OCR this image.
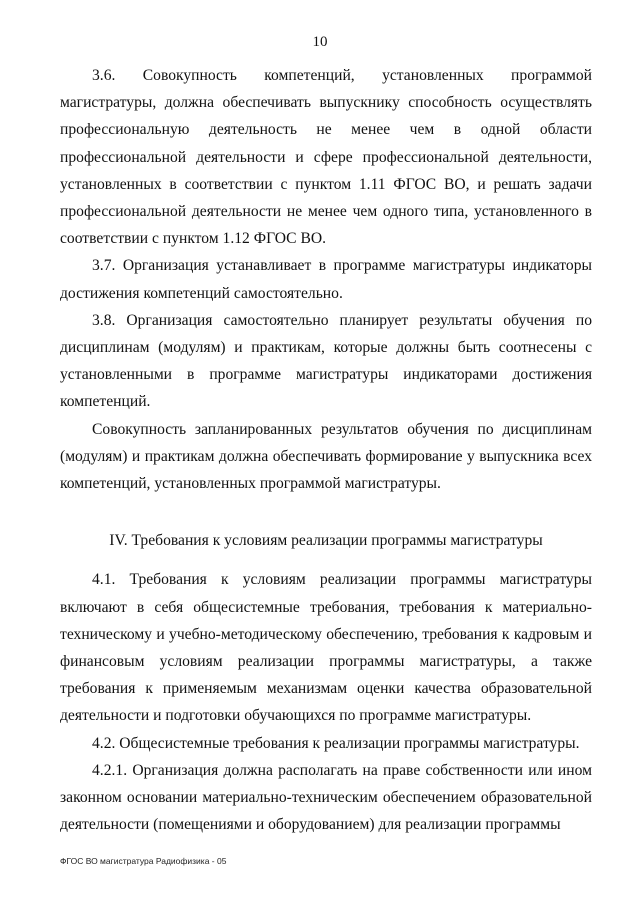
10

3.6. Совокупность компетенций, установленных программой магистратуры, должна обеспечивать выпускнику способность осуществлять профессиональную деятельность не менее чем в одной области профессиональной деятельности и сфере профессиональной деятельности, установленных в соответствии с пунктом 1.11 ФГОС ВО, и решать задачи профессиональной деятельности не менее чем одного типа, установленного в соответствии с пунктом 1.12 ФГОС ВО.

3.7. Организация устанавливает в программе магистратуры индикаторы достижения компетенций самостоятельно.

3.8. Организация самостоятельно планирует результаты обучения по дисциплинам (модулям) и практикам, которые должны быть соотнесены с установленными в программе магистратуры индикаторами достижения компетенций.

Совокупность запланированных результатов обучения по дисциплинам (модулям) и практикам должна обеспечивать формирование у выпускника всех компетенций, установленных программой магистратуры.

IV. Требования к условиям реализации программы магистратуры

4.1. Требования к условиям реализации программы магистратуры включают в себя общесистемные требования, требования к материально-техническому и учебно-методическому обеспечению, требования к кадровым и финансовым условиям реализации программы магистратуры, а также требования к применяемым механизмам оценки качества образовательной деятельности и подготовки обучающихся по программе магистратуры.

4.2. Общесистемные требования к реализации программы магистратуры.

4.2.1. Организация должна располагать на праве собственности или ином законном основании материально-техническим обеспечением образовательной деятельности (помещениями и оборудованием) для реализации программы

ФГОС ВО магистратура Радиофизика - 05
